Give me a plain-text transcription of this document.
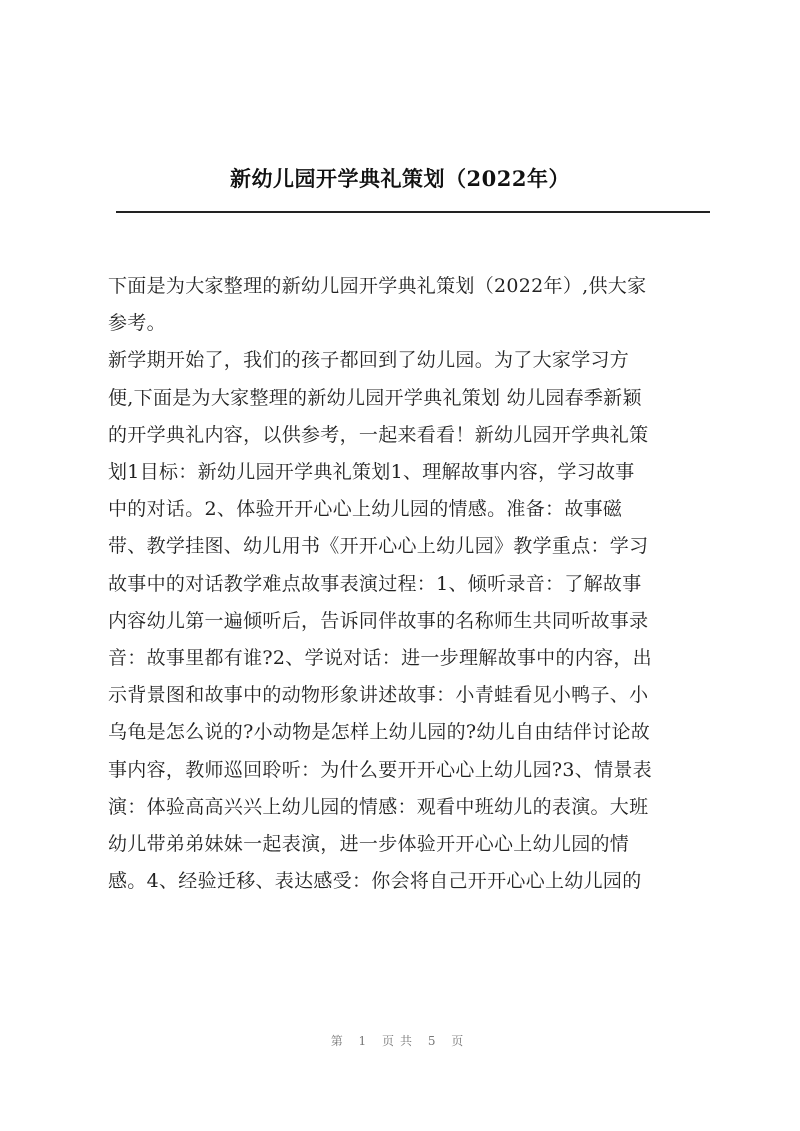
新幼儿园开学典礼策划（2022年）
下面是为大家整理的新幼儿园开学典礼策划（2022年）,供大家
参考。
新学期开始了，我们的孩子都回到了幼儿园。为了大家学习方
便,下面是为大家整理的新幼儿园开学典礼策划 幼儿园春季新颖
的开学典礼内容，以供参考，一起来看看！新幼儿园开学典礼策
划1目标：新幼儿园开学典礼策划1、理解故事内容，学习故事
中的对话。2、体验开开心心上幼儿园的情感。准备：故事磁
带、教学挂图、幼儿用书《开开心心上幼儿园》教学重点：学习
故事中的对话教学难点故事表演过程：1、倾听录音：了解故事
内容幼儿第一遍倾听后，告诉同伴故事的名称师生共同听故事录
音：故事里都有谁?2、学说对话：进一步理解故事中的内容，出
示背景图和故事中的动物形象讲述故事：小青蛙看见小鸭子、小
乌龟是怎么说的?小动物是怎样上幼儿园的?幼儿自由结伴讨论故
事内容，教师巡回聆听：为什么要开开心心上幼儿园?3、情景表
演：体验高高兴兴上幼儿园的情感：观看中班幼儿的表演。大班
幼儿带弟弟妹妹一起表演，进一步体验开开心心上幼儿园的情
感。4、经验迁移、表达感受：你会将自己开开心心上幼儿园的
第 1 页共 5 页
